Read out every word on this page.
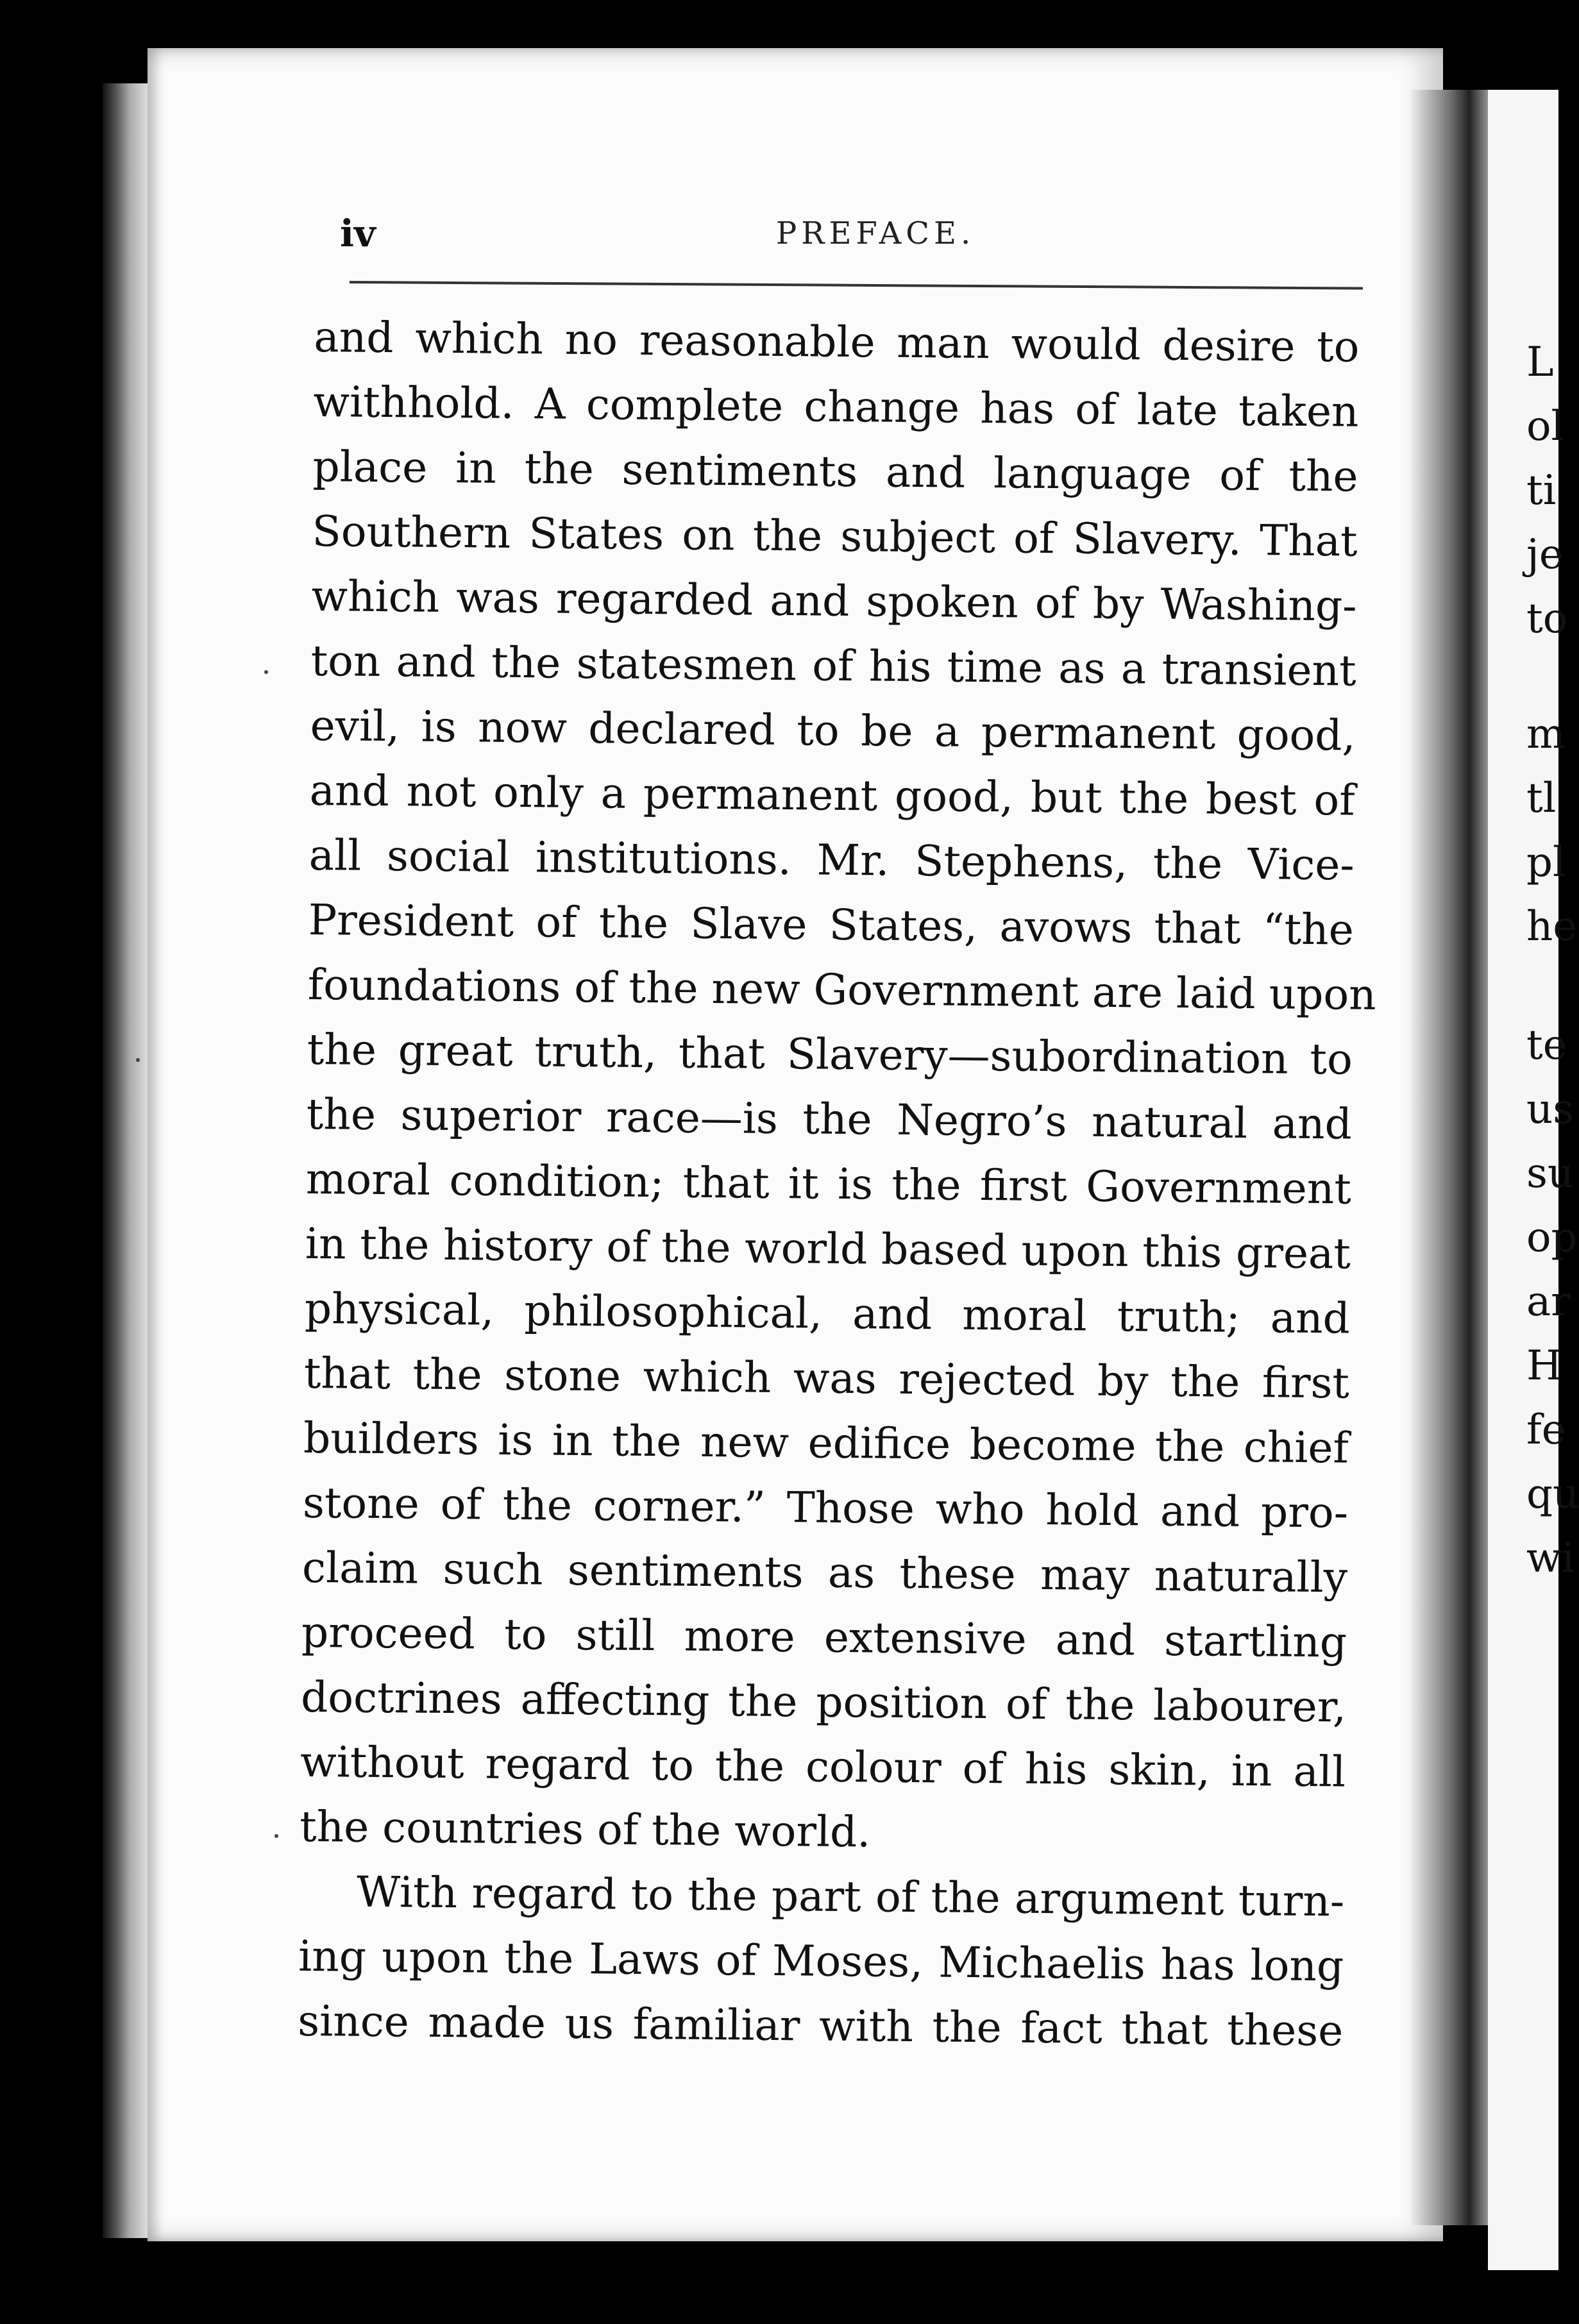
L
ol
ti
je
to
m
tl
pl
he
te
us
su
op
ar
H
fe
qu
wi
iv	PREFACE.
and which no reasonable man would desire to
withhold. A complete change has of late taken
place in the sentiments and language of the
Southern States on the subject of Slavery. That
which was regarded and spoken of by Washing-
ton and the statesmen of his time as a transient
evil, is now declared to be a permanent good,
and not only a permanent good, but the best of
all social institutions. Mr. Stephens, the Vice-
President of the Slave States, avows that “the
foundations of the new Government are laid upon
the great truth, that Slavery—subordination to
the superior race—is the Negro’s natural and
moral condition; that it is the first Government
in the history of the world based upon this great
physical, philosophical, and moral truth; and
that the stone which was rejected by the first
builders is in the new edifice become the chief
stone of the corner.” Those who hold and pro-
claim such sentiments as these may naturally
proceed to still more extensive and startling
doctrines affecting the position of the labourer,
without regard to the colour of his skin, in all
the countries of the world.
With regard to the part of the argument turn-
ing upon the Laws of Moses, Michaelis has long
since made us familiar with the fact that these
